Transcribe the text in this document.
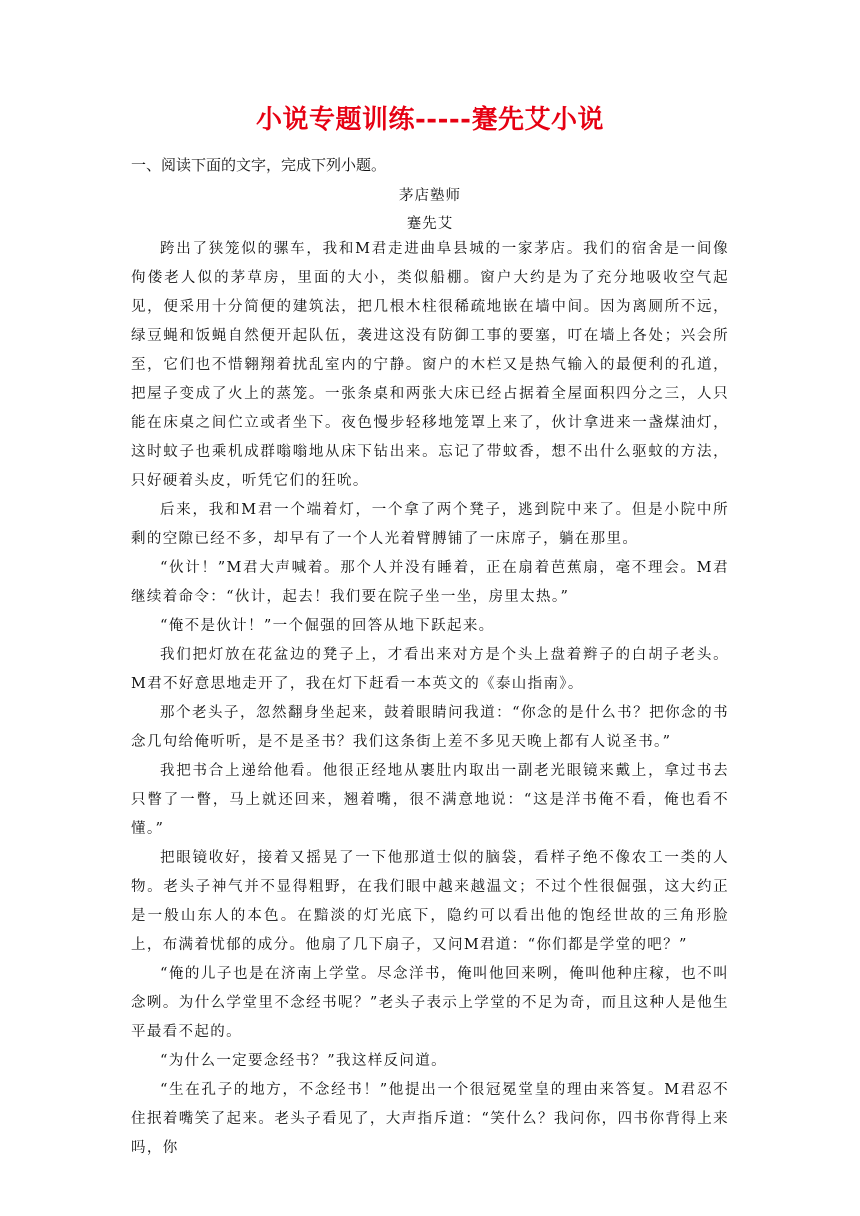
小说专题训练-----蹇先艾小说
一、阅读下面的文字，完成下列小题。
茅店塾师
蹇先艾

跨出了狭笼似的骡车，我和M君走进曲阜县城的一家茅店。我们的宿舍是一间像佝偻老人似的茅草房，里面的大小，类似船棚。窗户大约是为了充分地吸收空气起见，便采用十分简便的建筑法，把几根木柱很稀疏地嵌在墙中间。因为离厕所不远，绿豆蝇和饭蝇自然便开起队伍，袭进这没有防御工事的要塞，叮在墙上各处；兴会所至，它们也不惜翱翔着扰乱室内的宁静。窗户的木栏又是热气输入的最便利的孔道，把屋子变成了火上的蒸笼。一张条桌和两张大床已经占据着全屋面积四分之三，人只能在床桌之间伫立或者坐下。夜色慢步轻移地笼罩上来了，伙计拿进来一盏煤油灯，这时蚊子也乘机成群嗡嗡地从床下钻出来。忘记了带蚊香，想不出什么驱蚊的方法，只好硬着头皮，听凭它们的狂吮。

后来，我和M君一个端着灯，一个拿了两个凳子，逃到院中来了。但是小院中所剩的空隙已经不多，却早有了一个人光着臂膊铺了一床席子，躺在那里。

“伙计！”M君大声喊着。那个人并没有睡着，正在扇着芭蕉扇，毫不理会。M君继续着命令：“伙计，起去！我们要在院子坐一坐，房里太热。”

“俺不是伙计！”一个倔强的回答从地下跃起来。

我们把灯放在花盆边的凳子上，才看出来对方是个头上盘着辫子的白胡子老头。M君不好意思地走开了，我在灯下赶看一本英文的《泰山指南》。

那个老头子，忽然翻身坐起来，鼓着眼睛问我道：“你念的是什么书？把你念的书念几句给俺听听，是不是圣书？我们这条街上差不多见天晚上都有人说圣书。”

我把书合上递给他看。他很正经地从裹肚内取出一副老光眼镜来戴上，拿过书去只瞥了一瞥，马上就还回来，翘着嘴，很不满意地说：“这是洋书俺不看，俺也看不懂。”

把眼镜收好，接着又摇晃了一下他那道士似的脑袋，看样子绝不像农工一类的人物。老头子神气并不显得粗野，在我们眼中越来越温文；不过个性很倔强，这大约正是一般山东人的本色。在黯淡的灯光底下，隐约可以看出他的饱经世故的三角形脸上，布满着忧郁的成分。他扇了几下扇子，又问M君道：“你们都是学堂的吧？”

“俺的儿子也是在济南上学堂。尽念洋书，俺叫他回来咧，俺叫他种庄稼，也不叫念咧。为什么学堂里不念经书呢？”老头子表示上学堂的不足为奇，而且这种人是他生平最看不起的。

“为什么一定要念经书？”我这样反问道。

“生在孔子的地方，不念经书！”他提出一个很冠冕堂皇的理由来答复。M君忍不住抿着嘴笑了起来。老头子看见了，大声指斥道：“笑什么？我问你，四书你背得上来吗，你
